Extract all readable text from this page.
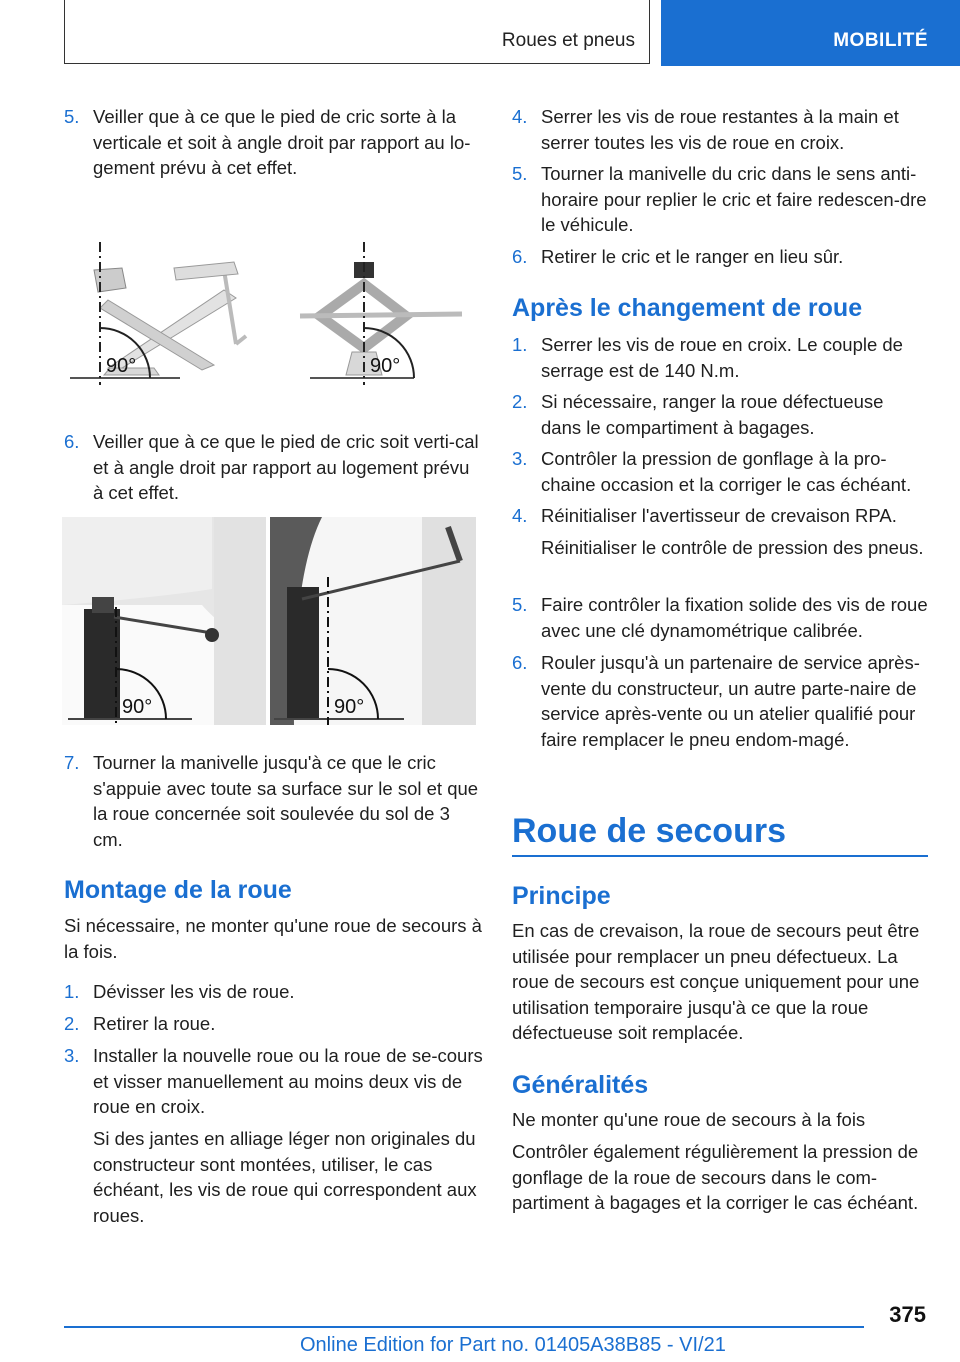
Roues et pneus	MOBILITÉ
5. Veiller que à ce que le pied de cric sorte à la verticale et soit à angle droit par rapport au lo-gement prévu à cet effet.
90°	90°
6. Veiller que à ce que le pied de cric soit verti-cal et à angle droit par rapport au logement prévu à cet effet.
90°	90°
7. Tourner la manivelle jusqu'à ce que le cric s'appuie avec toute sa surface sur le sol et que la roue concernée soit soulevée du sol de 3 cm.
Montage de la roue
Si nécessaire, ne monter qu'une roue de secours à la fois.
1. Dévisser les vis de roue.
2. Retirer la roue.
3. Installer la nouvelle roue ou la roue de se-cours et visser manuellement au moins deux vis de roue en croix.
Si des jantes en alliage léger non originales du constructeur sont montées, utiliser, le cas échéant, les vis de roue qui correspondent aux roues.
4. Serrer les vis de roue restantes à la main et serrer toutes les vis de roue en croix.
5. Tourner la manivelle du cric dans le sens anti-horaire pour replier le cric et faire redescen-dre le véhicule.
6. Retirer le cric et le ranger en lieu sûr.
Après le changement de roue
1. Serrer les vis de roue en croix. Le couple de serrage est de 140 N.m.
2. Si nécessaire, ranger la roue défectueuse dans le compartiment à bagages.
3. Contrôler la pression de gonflage à la pro-chaine occasion et la corriger le cas échéant.
4. Réinitialiser l'avertisseur de crevaison RPA.
Réinitialiser le contrôle de pression des pneus.
5. Faire contrôler la fixation solide des vis de roue avec une clé dynamométrique calibrée.
6. Rouler jusqu'à un partenaire de service après-vente du constructeur, un autre parte-naire de service après-vente ou un atelier qualifié pour faire remplacer le pneu endom-magé.
Roue de secours
Principe
En cas de crevaison, la roue de secours peut être utilisée pour remplacer un pneu défectueux. La roue de secours est conçue uniquement pour une utilisation temporaire jusqu'à ce que la roue défectueuse soit remplacée.
Généralités
Ne monter qu'une roue de secours à la fois
Contrôler également régulièrement la pression de gonflage de la roue de secours dans le com-partiment à bagages et la corriger le cas échéant.
375
Online Edition for Part no. 01405A38B85 - VI/21
